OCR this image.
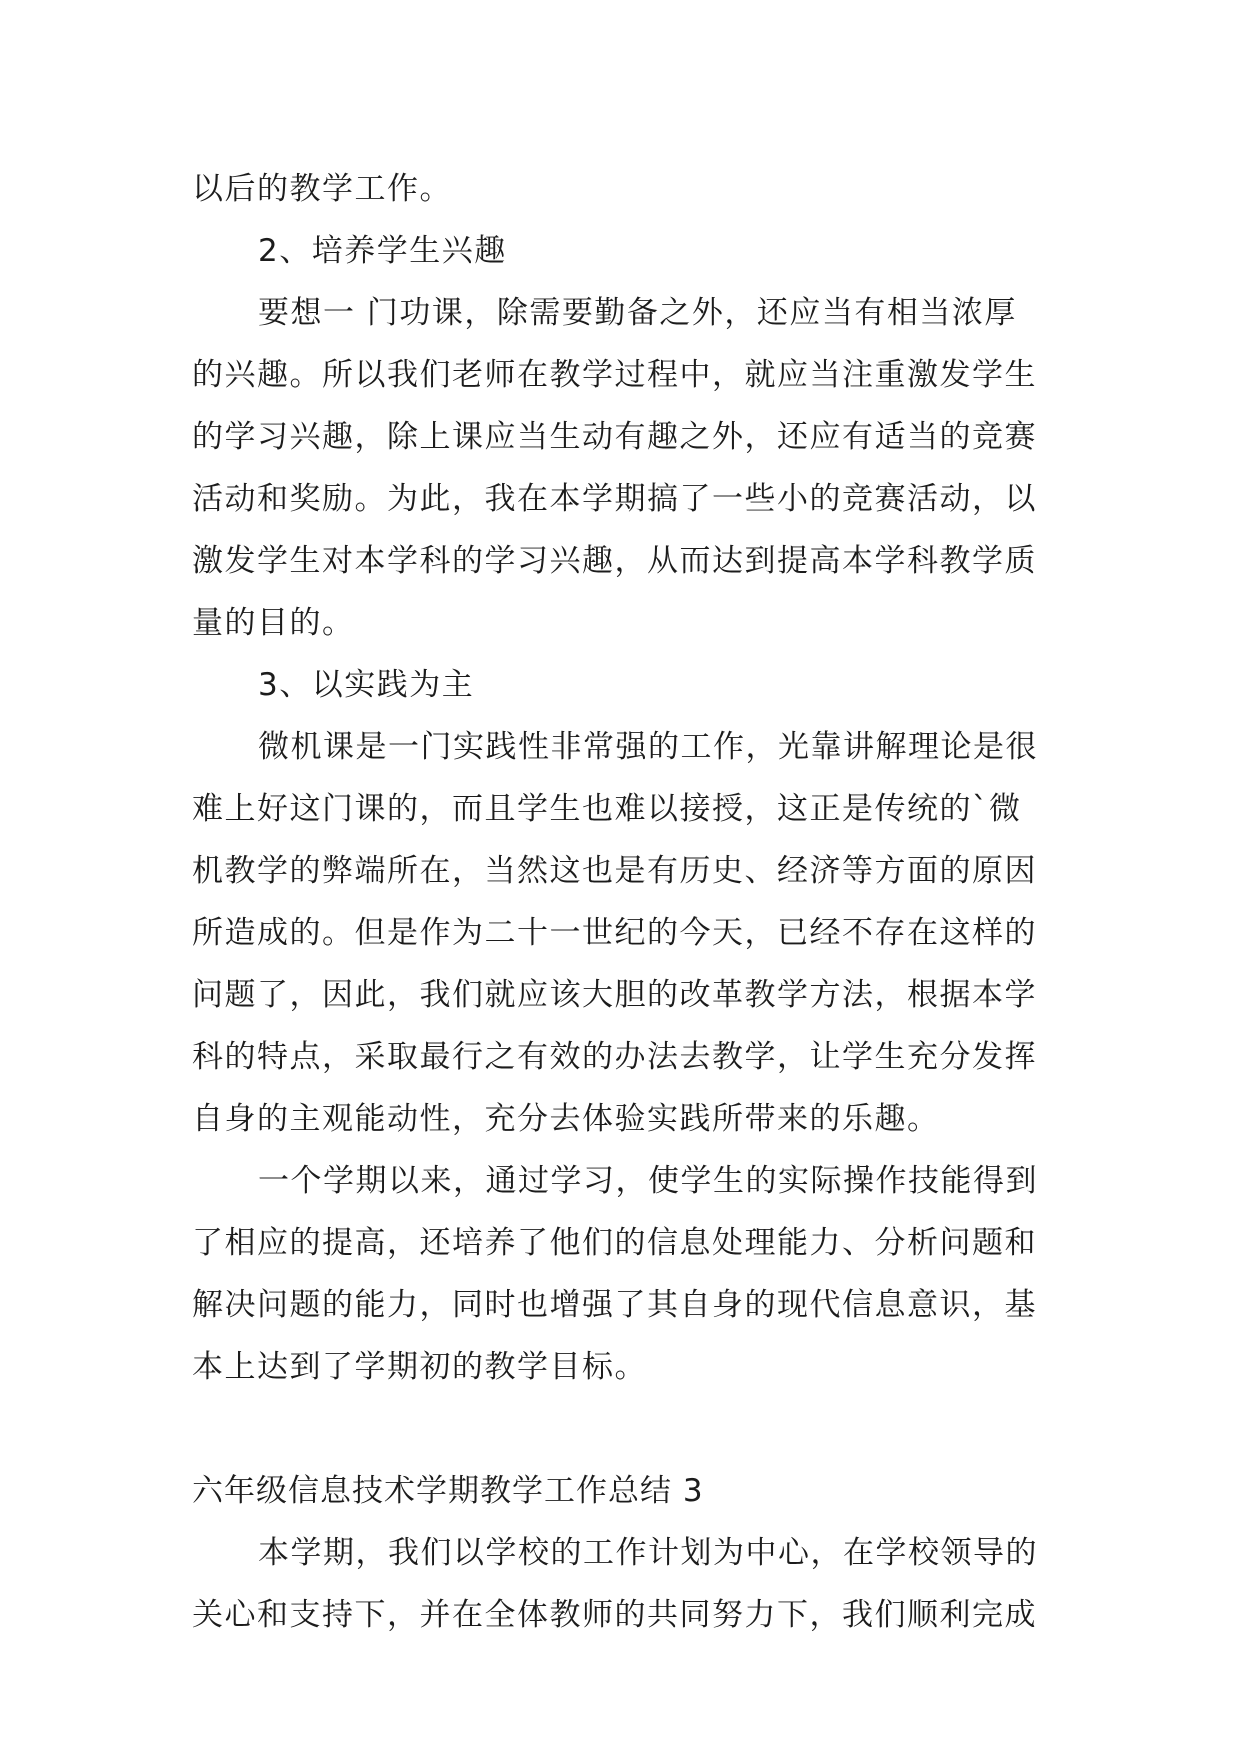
以后的教学工作。
2、培养学生兴趣
要想一 门功课，除需要勤备之外，还应当有相当浓厚
的兴趣。所以我们老师在教学过程中，就应当注重激发学生
的学习兴趣，除上课应当生动有趣之外，还应有适当的竞赛
活动和奖励。为此，我在本学期搞了一些小的竞赛活动，以
激发学生对本学科的学习兴趣，从而达到提高本学科教学质
量的目的。
3、以实践为主
微机课是一门实践性非常强的工作，光靠讲解理论是很
难上好这门课的，而且学生也难以接授，这正是传统的`微
机教学的弊端所在，当然这也是有历史、经济等方面的原因
所造成的。但是作为二十一世纪的今天，已经不存在这样的
问题了，因此，我们就应该大胆的改革教学方法，根据本学
科的特点，采取最行之有效的办法去教学，让学生充分发挥
自身的主观能动性，充分去体验实践所带来的乐趣。
一个学期以来，通过学习，使学生的实际操作技能得到
了相应的提高，还培养了他们的信息处理能力、分析问题和
解决问题的能力，同时也增强了其自身的现代信息意识，基
本上达到了学期初的教学目标。
六年级信息技术学期教学工作总结 3
本学期，我们以学校的工作计划为中心，在学校领导的
关心和支持下，并在全体教师的共同努力下，我们顺利完成
